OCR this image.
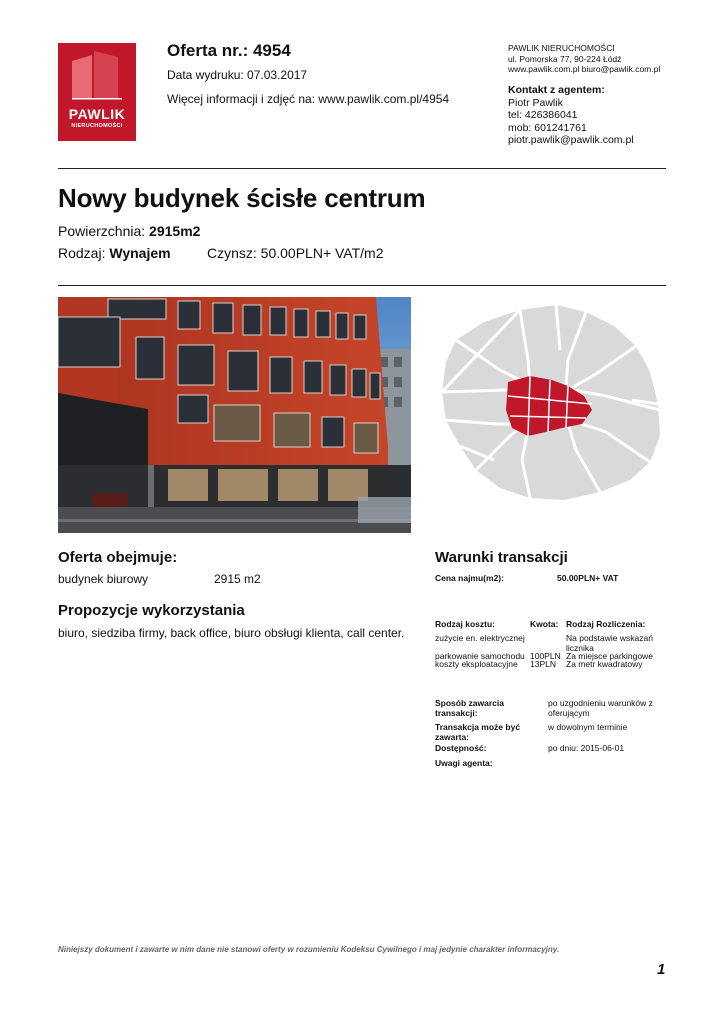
PAWLIK
NIERUCHOMOŚCI
Oferta nr.: 4954
Data wydruku: 07.03.2017
Więcej informacji i zdjęć na: www.pawlik.com.pl/4954
PAWLIK NIERUCHOMOŚCI
ul. Pomorska 77, 90-224 Łódź
www.pawlik.com.pl biuro@pawlik.com.pl
Kontakt z agentem:
Piotr Pawlik
tel: 426386041
mob: 601241761
piotr.pawlik@pawlik.com.pl
Nowy budynek ścisłe centrum
Powierzchnia: 2915m2
Rodzaj: Wynajem	Czynsz: 50.00PLN+ VAT/m2
Oferta obejmuje:
budynek biurowy	2915 m2
Propozycje wykorzystania
biuro, siedziba firmy, back office, biuro obsługi klienta, call center.
Warunki transakcji
Cena najmu(m2):	50.00PLN+ VAT
Rodzaj kosztu:	Kwota: Rodzaj Rozliczenia:
zużycie en. elektrycznej	Na podstawie wskazań
licznika
parkowanie samochodu 100PLN Za miejsce parkingowe
koszty eksploatacyjne 13PLN Za metr kwadratowy
Sposób zawarcia
transakcji:
po uzgodnieniu warunków z
oferującym
Transakcja może być
zawarta:
w dowolnym terminie
Dostępność:	po dniu: 2015-06-01
Uwagi agenta:
Niniejszy dokument i zawarte w nim dane nie stanowi oferty w rozumieniu Kodeksu Cywilnego i maj jedynie charakter informacyjny.
1
